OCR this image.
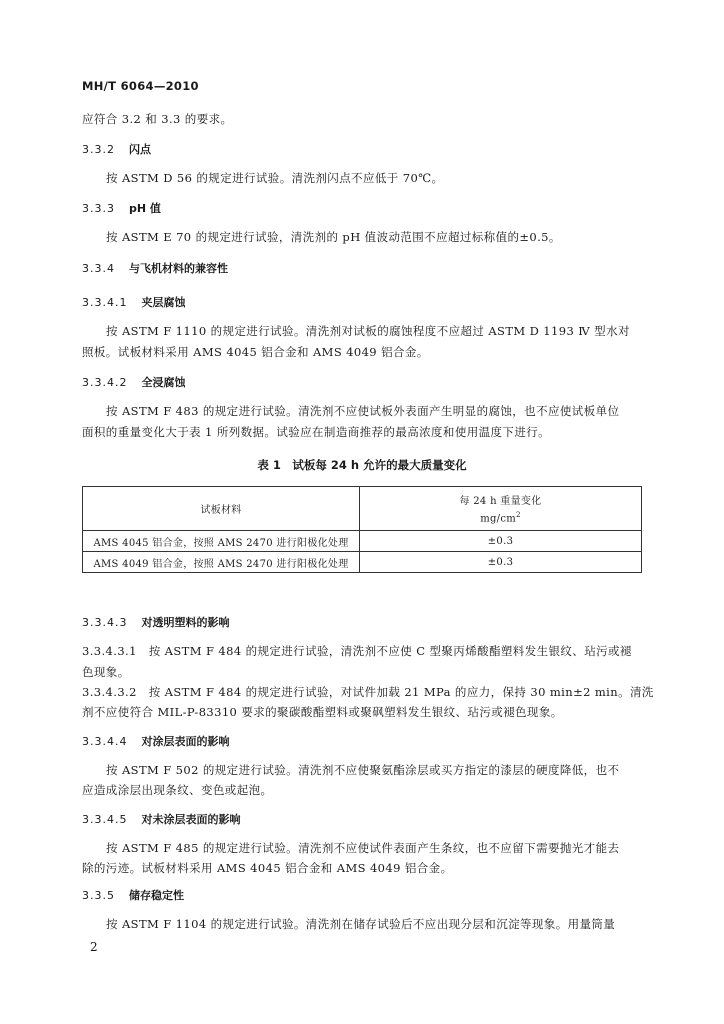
MH/T 6064—2010
应符合 3.2 和 3.3 的要求。
3.3.2 闪点
按 ASTM D 56 的规定进行试验。清洗剂闪点不应低于 70℃。
3.3.3 pH 值
按 ASTM E 70 的规定进行试验，清洗剂的 pH 值波动范围不应超过标称值的±0.5。
3.3.4 与飞机材料的兼容性
3.3.4.1 夹层腐蚀
按 ASTM F 1110 的规定进行试验。清洗剂对试板的腐蚀程度不应超过 ASTM D 1193 Ⅳ 型水对
照板。试板材料采用 AMS 4045 铝合金和 AMS 4049 铝合金。
3.3.4.2 全浸腐蚀
按 ASTM F 483 的规定进行试验。清洗剂不应使试板外表面产生明显的腐蚀，也不应使试板单位
面积的重量变化大于表 1 所列数据。试验应在制造商推荐的最高浓度和使用温度下进行。
表 1　试板每 24 h 允许的最大质量变化
试板材料	每 24 h 重量变化
$mg/cm^2$

AMS 4045 铝合金，按照 AMS 2470 进行阳极化处理	±0.3
AMS 4049 铝合金，按照 AMS 2470 进行阳极化处理	±0.3
3.3.4.3 对透明塑料的影响
3.3.4.3.1　按 ASTM F 484 的规定进行试验，清洗剂不应使 C 型聚丙烯酸酯塑料发生银纹、玷污或褪
色现象。
3.3.4.3.2　按 ASTM F 484 的规定进行试验，对试件加载 21 MPa 的应力，保持 30 min±2 min。清洗
剂不应使符合 MIL-P-83310 要求的聚碳酸酯塑料或聚砜塑料发生银纹、玷污或褪色现象。
3.3.4.4 对涂层表面的影响
按 ASTM F 502 的规定进行试验。清洗剂不应使聚氨酯涂层或买方指定的漆层的硬度降低，也不
应造成涂层出现条纹、变色或起泡。
3.3.4.5 对未涂层表面的影响
按 ASTM F 485 的规定进行试验。清洗剂不应使试件表面产生条纹，也不应留下需要抛光才能去
除的污迹。试板材料采用 AMS 4045 铝合金和 AMS 4049 铝合金。
3.3.5 储存稳定性
按 ASTM F 1104 的规定进行试验。清洗剂在储存试验后不应出现分层和沉淀等现象。用量筒量
2
